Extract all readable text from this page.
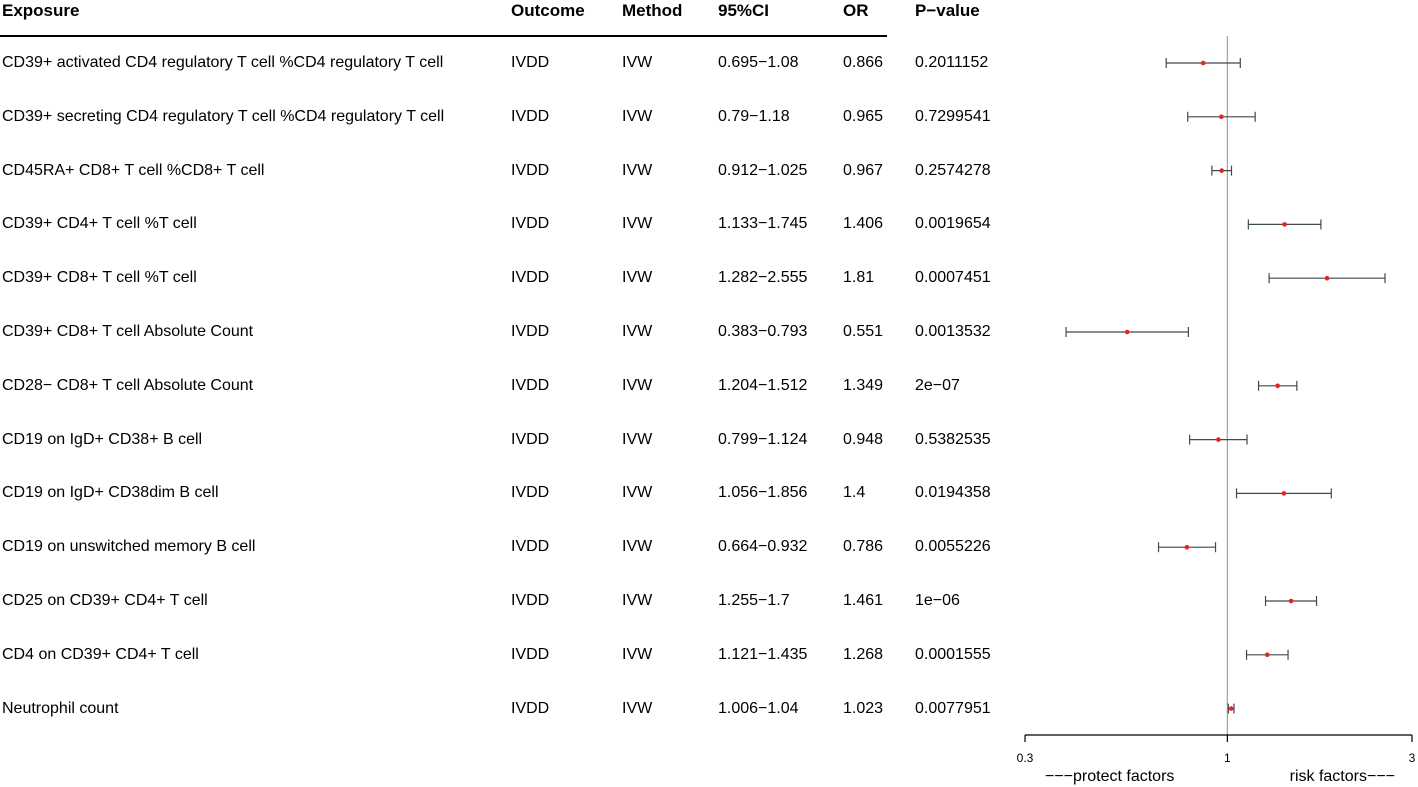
Exposure	Outcome Method 95%CI	OR	P−value
CD39+ activated CD4 regulatory T cell %CD4 regulatory T cell	IVDD	IVW	0.695−1.08	0.866 0.2011152
CD39+ secreting CD4 regulatory T cell %CD4 regulatory T cell	IVDD	IVW	0.79−1.18	0.965 0.7299541
CD45RA+ CD8+ T cell %CD8+ T cell	IVDD	IVW	0.912−1.025 0.967 0.2574278
CD39+ CD4+ T cell %T cell	IVDD	IVW	1.133−1.745 1.406 0.0019654
CD39+ CD8+ T cell %T cell	IVDD	IVW	1.282−2.555 1.81	0.0007451
CD39+ CD8+ T cell Absolute Count	IVDD	IVW	0.383−0.793 0.551 0.0013532
CD28− CD8+ T cell Absolute Count	IVDD	IVW	1.204−1.512 1.349 2e−07
CD19 on IgD+ CD38+ B cell	IVDD	IVW	0.799−1.124 0.948 0.5382535
CD19 on IgD+ CD38dim B cell	IVDD	IVW	1.056−1.856 1.4	0.0194358
CD19 on unswitched memory B cell	IVDD	IVW	0.664−0.932 0.786 0.0055226
CD25 on CD39+ CD4+ T cell	IVDD	IVW	1.255−1.7	1.461 1e−06
CD4 on CD39+ CD4+ T cell	IVDD	IVW	1.121−1.435 1.268 0.0001555
Neutrophil count	IVDD	IVW	1.006−1.04	1.023 0.0077951
0.3	1	3
−−−protect factors	risk factors−−−
